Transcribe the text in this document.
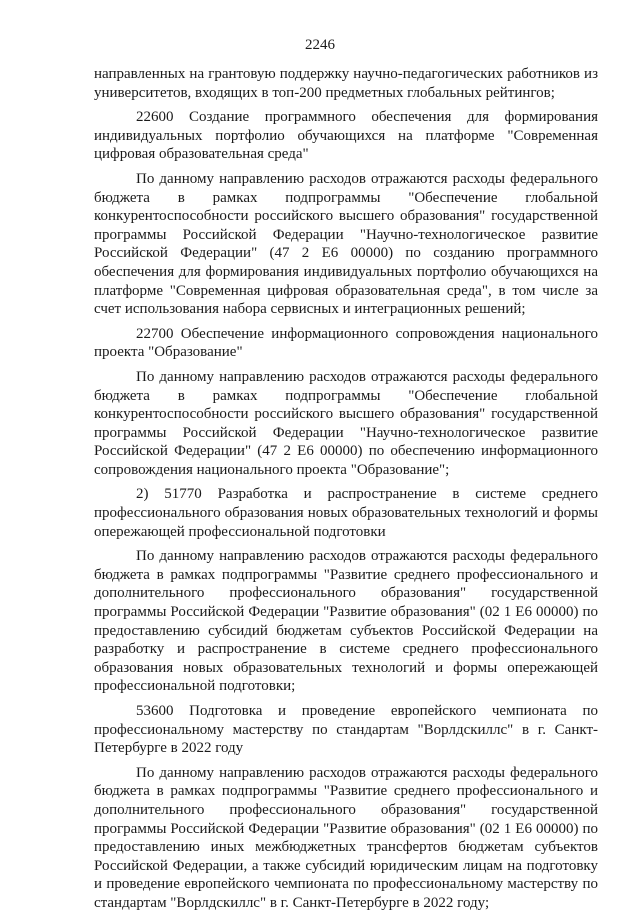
2246

направленных на грантовую поддержку научно-педагогических работников из университетов, входящих в топ-200 предметных глобальных рейтингов;

22600 Создание программного обеспечения для формирования индивидуальных портфолио обучающихся на платформе "Современная цифровая образовательная среда"

По данному направлению расходов отражаются расходы федерального бюджета в рамках подпрограммы "Обеспечение глобальной конкурентоспособности российского высшего образования" государственной программы Российской Федерации "Научно-технологическое развитие Российской Федерации" (47 2 Е6 00000) по созданию программного обеспечения для формирования индивидуальных портфолио обучающихся на платформе "Современная цифровая образовательная среда", в том числе за счет использования набора сервисных и интеграционных решений;

22700 Обеспечение информационного сопровождения национального проекта "Образование"

По данному направлению расходов отражаются расходы федерального бюджета в рамках подпрограммы "Обеспечение глобальной конкурентоспособности российского высшего образования" государственной программы Российской Федерации "Научно-технологическое развитие Российской Федерации" (47 2 Е6 00000) по обеспечению информационного сопровождения национального проекта "Образование";

2) 51770 Разработка и распространение в системе среднего профессионального образования новых образовательных технологий и формы опережающей профессиональной подготовки

По данному направлению расходов отражаются расходы федерального бюджета в рамках подпрограммы "Развитие среднего профессионального и дополнительного профессионального образования" государственной программы Российской Федерации "Развитие образования" (02 1 Е6 00000) по предоставлению субсидий бюджетам субъектов Российской Федерации на разработку и распространение в системе среднего профессионального образования новых образовательных технологий и формы опережающей профессиональной подготовки;

53600 Подготовка и проведение европейского чемпионата по профессиональному мастерству по стандартам "Ворлдскиллс" в г. Санкт-Петербурге в 2022 году

По данному направлению расходов отражаются расходы федерального бюджета в рамках подпрограммы "Развитие среднего профессионального и дополнительного профессионального образования" государственной программы Российской Федерации "Развитие образования" (02 1 Е6 00000) по предоставлению иных межбюджетных трансфертов бюджетам субъектов Российской Федерации, а также субсидий юридическим лицам на подготовку и проведение европейского чемпионата по профессиональному мастерству по стандартам "Ворлдскиллс" в г. Санкт-Петербурге в 2022 году;
